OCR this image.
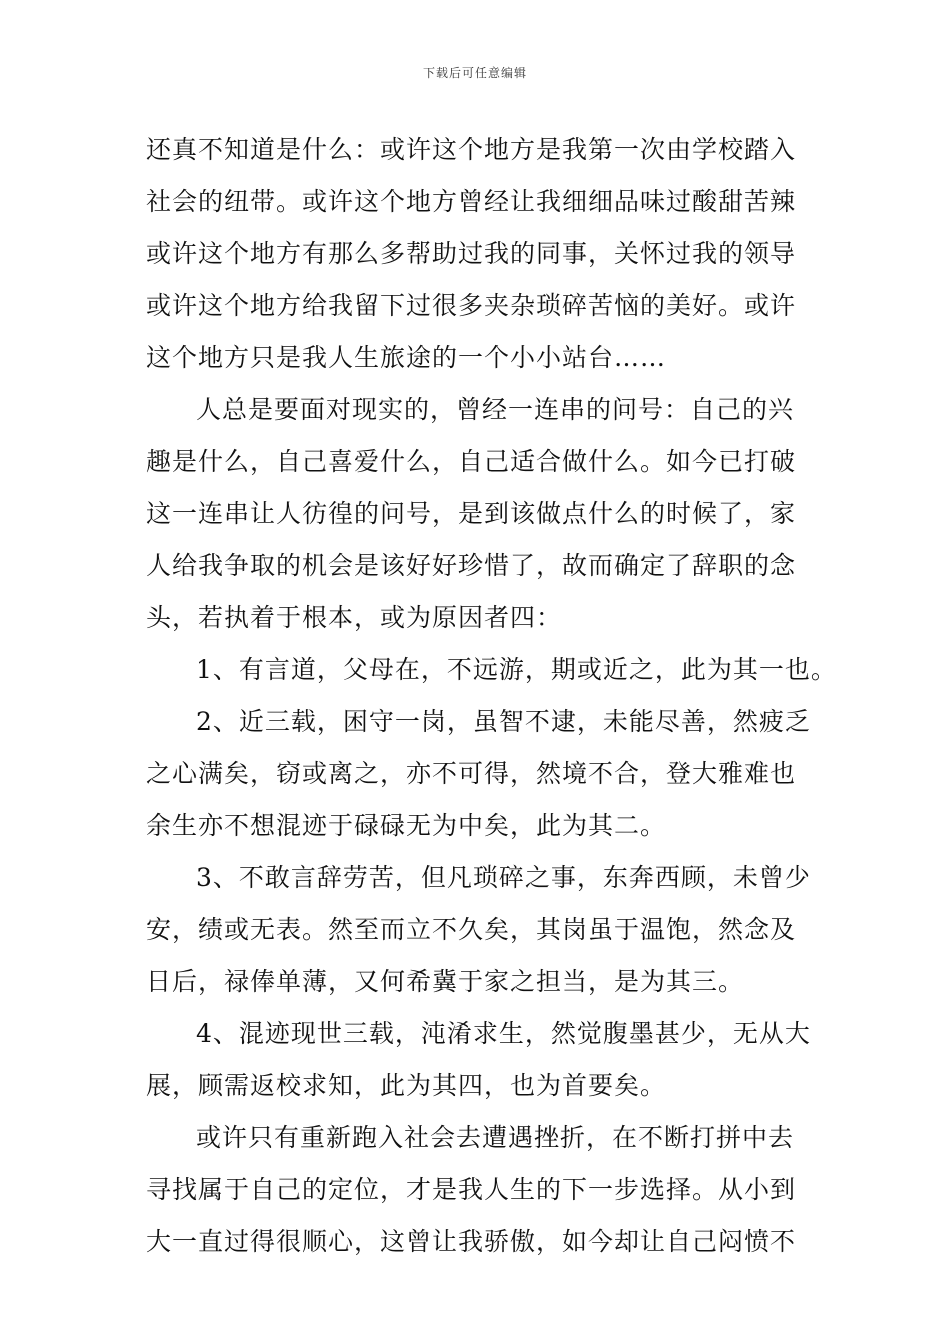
下载后可任意编辑
还真不知道是什么：或许这个地方是我第一次由学校踏入
社会的纽带。或许这个地方曾经让我细细品味过酸甜苦辣
或许这个地方有那么多帮助过我的同事，关怀过我的领导
或许这个地方给我留下过很多夹杂琐碎苦恼的美好。或许
这个地方只是我人生旅途的一个小小站台……
人总是要面对现实的，曾经一连串的问号：自己的兴
趣是什么，自己喜爱什么，自己适合做什么。如今已打破
这一连串让人彷徨的问号，是到该做点什么的时候了，家
人给我争取的机会是该好好珍惜了，故而确定了辞职的念
头，若执着于根本，或为原因者四：
1、有言道，父母在，不远游，期或近之，此为其一也。
2、近三载，困守一岗，虽智不逮，未能尽善，然疲乏
之心满矣，窃或离之，亦不可得，然境不合，登大雅难也
余生亦不想混迹于碌碌无为中矣，此为其二。
3、不敢言辞劳苦，但凡琐碎之事，东奔西顾，未曾少
安，绩或无表。然至而立不久矣，其岗虽于温饱，然念及
日后，禄俸单薄，又何希冀于家之担当，是为其三。
4、混迹现世三载，沌淆求生，然觉腹墨甚少，无从大
展，顾需返校求知，此为其四，也为首要矣。
或许只有重新跑入社会去遭遇挫折，在不断打拼中去
寻找属于自己的定位，才是我人生的下一步选择。从小到
大一直过得很顺心，这曾让我骄傲，如今却让自己闷愤不
